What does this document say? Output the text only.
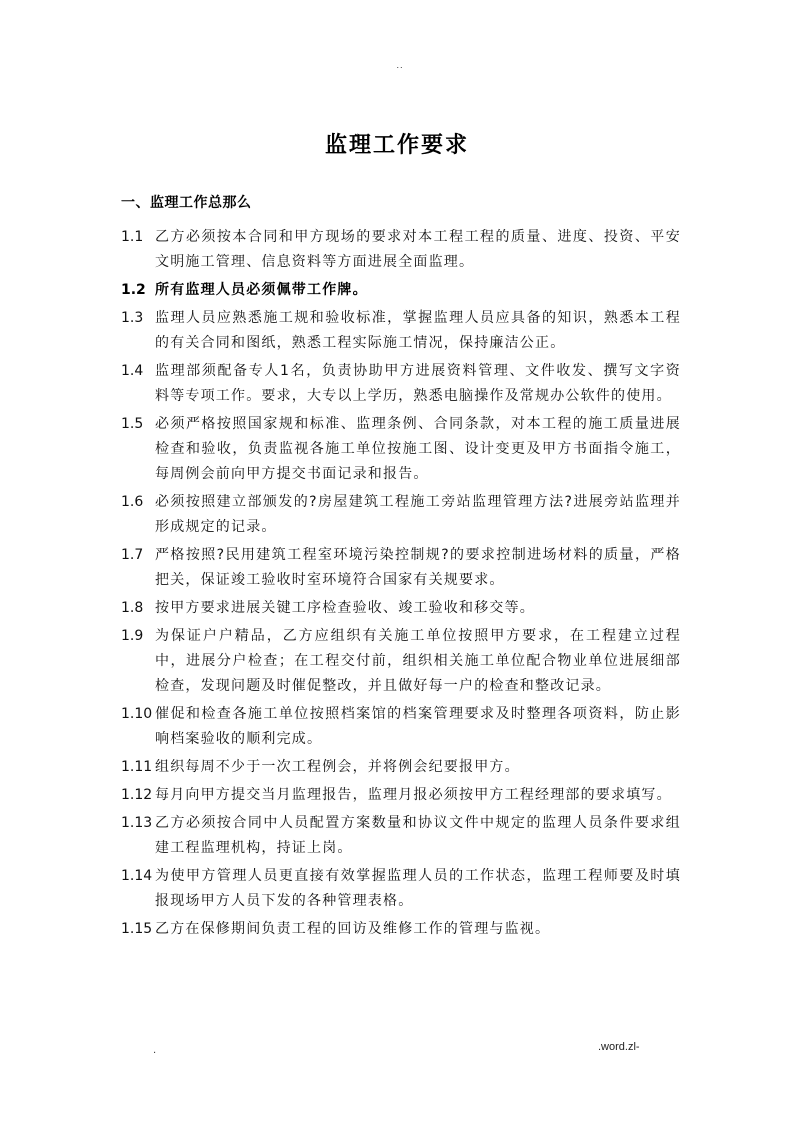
..
监理工作要求
一、监理工作总那么
1.1 乙方必须按本合同和甲方现场的要求对本工程工程的质量、进度、投资、平安文明施工管理、信息资料等方面进展全面监理。
1.2 所有监理人员必须佩带工作牌。
1.3 监理人员应熟悉施工规和验收标准，掌握监理人员应具备的知识，熟悉本工程的有关合同和图纸，熟悉工程实际施工情况，保持廉洁公正。
1.4 监理部须配备专人1名，负责协助甲方进展资料管理、文件收发、撰写文字资料等专项工作。要求，大专以上学历，熟悉电脑操作及常规办公软件的使用。
1.5 必须严格按照国家规和标准、监理条例、合同条款，对本工程的施工质量进展检查和验收，负责监视各施工单位按施工图、设计变更及甲方书面指令施工，每周例会前向甲方提交书面记录和报告。
1.6 必须按照建立部颁发的?房屋建筑工程施工旁站监理管理方法?进展旁站监理并形成规定的记录。
1.7 严格按照?民用建筑工程室环境污染控制规?的要求控制进场材料的质量，严格把关，保证竣工验收时室环境符合国家有关规要求。
1.8 按甲方要求进展关键工序检查验收、竣工验收和移交等。
1.9 为保证户户精品，乙方应组织有关施工单位按照甲方要求，在工程建立过程中，进展分户检查；在工程交付前，组织相关施工单位配合物业单位进展细部检查，发现问题及时催促整改，并且做好每一户的检查和整改记录。
1.10 催促和检查各施工单位按照档案馆的档案管理要求及时整理各项资料，防止影响档案验收的顺利完成。
1.11 组织每周不少于一次工程例会，并将例会纪要报甲方。
1.12 每月向甲方提交当月监理报告，监理月报必须按甲方工程经理部的要求填写。
1.13 乙方必须按合同中人员配置方案数量和协议文件中规定的监理人员条件要求组建工程监理机构，持证上岗。
1.14 为使甲方管理人员更直接有效掌握监理人员的工作状态，监理工程师要及时填报现场甲方人员下发的各种管理表格。
1.15 乙方在保修期间负责工程的回访及维修工作的管理与监视。
.	.word.zl-
